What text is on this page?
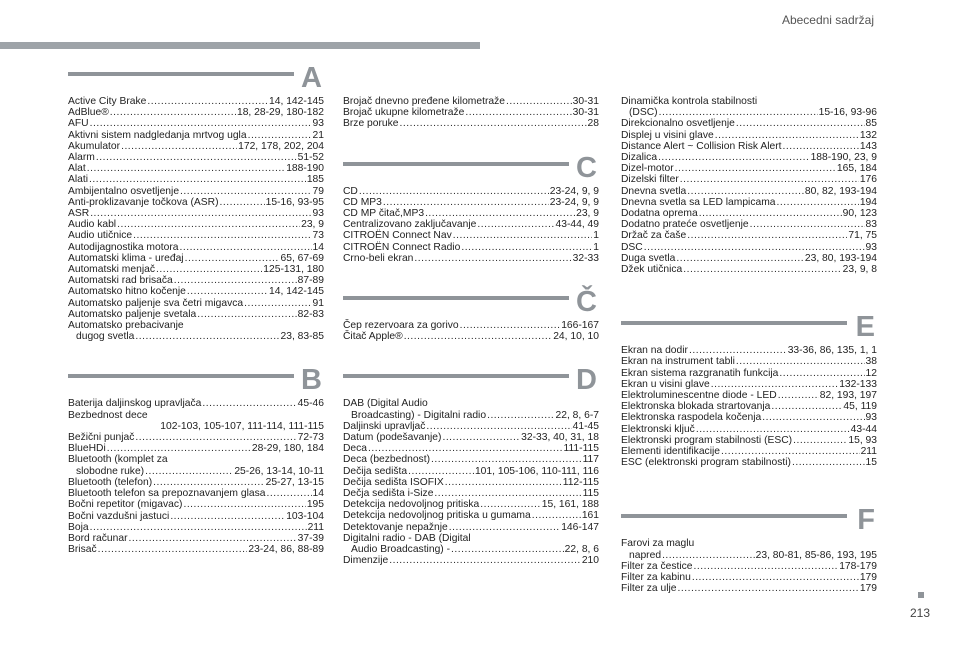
Abecedni sadržaj
A
Active City Brake .....	14, 142-145
AdBlue® .....	18, 28-29, 180-182
AFU .....	93
Aktivni sistem nadgledanja mrtvog ugla .....	21
Akumulator .....	172, 178, 202, 204
Alarm .....	51-52
Alat .....	188-190
Alati .....	185
Ambijentalno osvetljenje .....	79
Anti-proklizavanje točkova (ASR) .....	15-16, 93-95
ASR .....	93
Audio kabl .....	23, 9
Audio utičnice .....	73
Autodijagnostika motora .....	14
Automatski klima - uređaj .....	65, 67-69
Automatski menjač .....	125-131, 180
Automatski rad brisača .....	87-89
Automatsko hitno kočenje .....	14, 142-145
Automatsko paljenje sva četri migavca .....	91
Automatsko paljenje svetala .....	82-83
Automatsko prebacivanje
dugog svetla .....	23, 83-85
B
Baterija daljinskog upravljača .....	45-46
Bezbednost dece
102-103, 105-107, 111-114, 111-115
Bežični punjač .....	72-73
BlueHDi .....	28-29, 180, 184
Bluetooth (komplet za
slobodne ruke) .....	25-26, 13-14, 10-11
Bluetooth (telefon) .....	25-27, 13-15
Bluetooth telefon sa prepoznavanjem glasa .....	14
Bočni repetitor (migavac) .....	195
Bočni vazdušni jastuci .....	103-104
Boja .....	211
Bord računar .....	37-39
Brisač .....	23-24, 86, 88-89
Brojač dnevno pređene kilometraže .....	30-31
Brojač ukupne kilometraže .....	30-31
Brze poruke .....	28
C
CD .....	23-24, 9, 9
CD MP3 .....	23-24, 9, 9
CD MP čitač,MP3 .....	23, 9
Centralizovano zaključavanje .....	43-44, 49
CITROËN Connect Nav .....	1
CITROËN Connect Radio .....	1
Crno-beli ekran .....	32-33
Č
Čep rezervoara za gorivo .....	166-167
Čitač Apple® .....	24, 10, 10
D
DAB (Digital Audio
Broadcasting) - Digitalni radio .....	22, 8, 6-7
Daljinski upravljač .....	41-45
Datum (podešavanje) .....	32-33, 40, 31, 18
Deca .....	111-115
Deca (bezbednost) .....	117
Dečija sedišta .....	101, 105-106, 110-111, 116
Dečija sedišta ISOFIX .....	112-115
Dečja sedišta i-Size .....	115
Detekcija nedovoljnog pritiska .....	15, 161, 188
Detekcija nedovoljnog pritiska u gumama .....	161
Detektovanje nepažnje .....	146-147
Digitalni radio - DAB (Digital
Audio Broadcasting) - .....	22, 8, 6
Dimenzije .....	210
Dinamička kontrola stabilnosti
(DSC) .....	15-16, 93-96
Direkcionalno osvetljenje .....	85
Displej u visini glave .....	132
Distance Alert ~ Collision Risk Alert .....	143
Dizalica .....	188-190, 23, 9
Dizel-motor .....	165, 184
Dizelski filter .....	176
Dnevna svetla .....	80, 82, 193-194
Dnevna svetla sa LED lampicama .....	194
Dodatna oprema .....	90, 123
Dodatno prateće osvetljenje .....	83
Držač za čaše .....	71, 75
DSC .....	93
Duga svetla .....	23, 80, 193-194
Džek utičnica .....	23, 9, 8
E
Ekran na dodir .....	33-36, 86, 135, 1, 1
Ekran na instrument tabli .....	38
Ekran sistema razgranatih funkcija .....	12
Ekran u visini glave .....	132-133
Elektroluminescentne diode - LED .....	82, 193, 197
Elektronska blokada strartovanja .....	45, 119
Elektronska raspodela kočenja .....	93
Elektronski ključ .....	43-44
Elektronski program stabilnosti (ESC) .....	15, 93
Elementi identifikacije .....	211
ESC (elektronski program stabilnosti) .....	15
F
Farovi za maglu
napred .....	23, 80-81, 85-86, 193, 195
Filter za čestice .....	178-179
Filter za kabinu .....	179
Filter za ulje .....	179
213
